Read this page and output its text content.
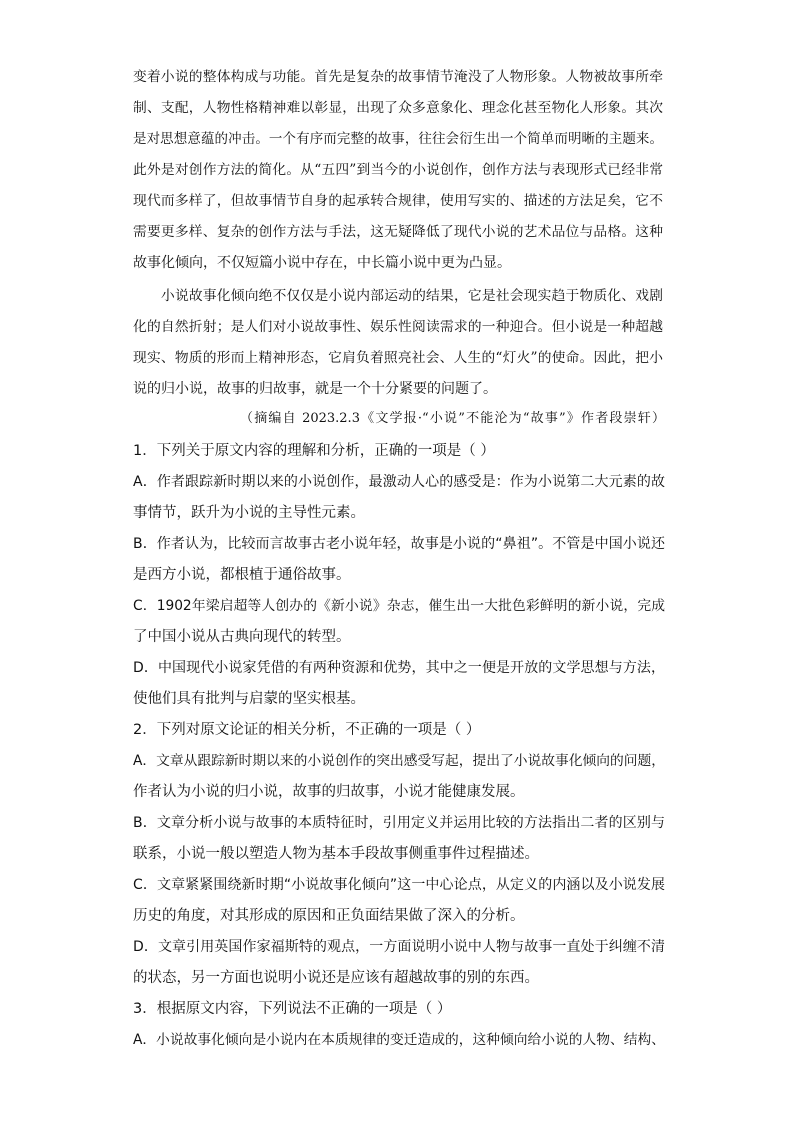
变着小说的整体构成与功能。首先是复杂的故事情节淹没了人物形象。人物被故事所牵
制、支配，人物性格精神难以彰显，出现了众多意象化、理念化甚至物化人形象。其次
是对思想意蕴的冲击。一个有序而完整的故事，往往会衍生出一个简单而明晰的主题来。
此外是对创作方法的简化。从“五四”到当今的小说创作，创作方法与表现形式已经非常
现代而多样了，但故事情节自身的起承转合规律，使用写实的、描述的方法足矣，它不
需要更多样、复杂的创作方法与手法，这无疑降低了现代小说的艺术品位与品格。这种
故事化倾向，不仅短篇小说中存在，中长篇小说中更为凸显。
小说故事化倾向绝不仅仅是小说内部运动的结果，它是社会现实趋于物质化、戏剧
化的自然折射；是人们对小说故事性、娱乐性阅读需求的一种迎合。但小说是一种超越
现实、物质的形而上精神形态，它肩负着照亮社会、人生的“灯火”的使命。因此，把小
说的归小说，故事的归故事，就是一个十分紧要的问题了。
（摘编自 2023.2.3《文学报·“小说”不能沦为“故事”》作者段崇轩）
1．下列关于原文内容的理解和分析，正确的一项是（ ）
A．作者跟踪新时期以来的小说创作，最激动人心的感受是：作为小说第二大元素的故
事情节，跃升为小说的主导性元素。
B．作者认为，比较而言故事古老小说年轻，故事是小说的“鼻祖”。不管是中国小说还
是西方小说，都根植于通俗故事。
C．1902年梁启超等人创办的《新小说》杂志，催生出一大批色彩鲜明的新小说，完成
了中国小说从古典向现代的转型。
D．中国现代小说家凭借的有两种资源和优势，其中之一便是开放的文学思想与方法，
使他们具有批判与启蒙的坚实根基。
2．下列对原文论证的相关分析，不正确的一项是（ ）
A．文章从跟踪新时期以来的小说创作的突出感受写起，提出了小说故事化倾向的问题，
作者认为小说的归小说，故事的归故事，小说才能健康发展。
B．文章分析小说与故事的本质特征时，引用定义并运用比较的方法指出二者的区别与
联系，小说一般以塑造人物为基本手段故事侧重事件过程描述。
C．文章紧紧围绕新时期“小说故事化倾向”这一中心论点，从定义的内涵以及小说发展
历史的角度，对其形成的原因和正负面结果做了深入的分析。
D．文章引用英国作家福斯特的观点，一方面说明小说中人物与故事一直处于纠缠不清
的状态，另一方面也说明小说还是应该有超越故事的别的东西。
3．根据原文内容，下列说法不正确的一项是（ ）
A．小说故事化倾向是小说内在本质规律的变迁造成的，这种倾向给小说的人物、结构、
